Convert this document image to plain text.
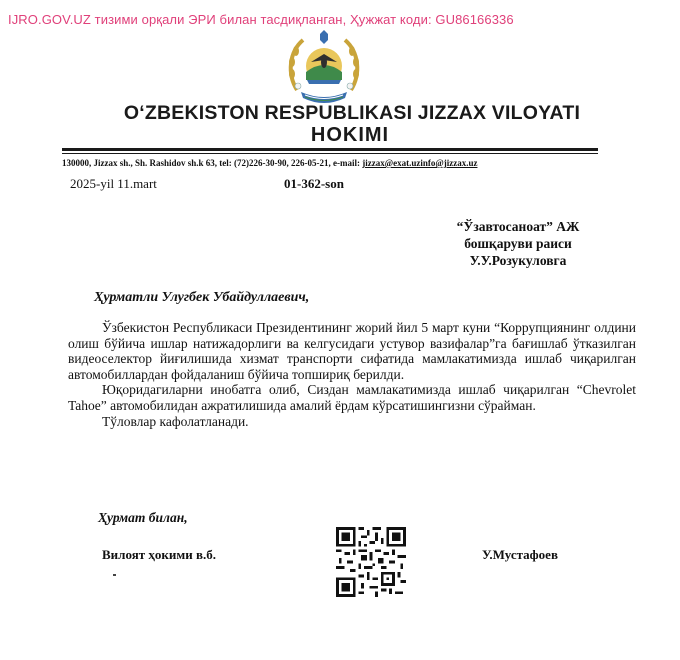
IJRO.GOV.UZ тизими орқали ЭРИ билан тасдиқланган, Ҳужжат коди: GU86166336
O‘ZBEKISTON RESPUBLIKASI JIZZAX VILOYATI
HOKIMI
130000, Jizzax sh., Sh. Rashidov sh.k 63, tel: (72)226-30-90, 226-05-21, e-mail: jizzax@exat.uzinfo@jizzax.uz
2025-yil 11.mart	01-362-son
“Ўзавтосаноат” АЖ
бошқаруви раиси
У.У.Розукуловга
Ҳурматли Улугбек Убайдуллаевич,

Ўзбекистон Республикаси Президентининг жорий йил 5 март куни “Коррупциянинг олдини олиш бўйича ишлар натижадорлиги ва келгусидаги устувор вазифалар”га бағишлаб ўтказилган видеоселектор йиғилишида хизмат транспорти сифатида мамлакатимизда ишлаб чиқарилган автомобиллардан фойдаланиш бўйича топшириқ берилди.

Юқоридагиларни инобатга олиб, Сиздан мамлакатимизда ишлаб чиқарилган “Chevrolet Tahoe” автомобилидан ажратилишида амалий ёрдам кўрсатишингизни сўрайман.

Тўловлар кафолатланади.

Ҳурмат билан,
Вилоят ҳокими в.б.	У.Мустафоев
